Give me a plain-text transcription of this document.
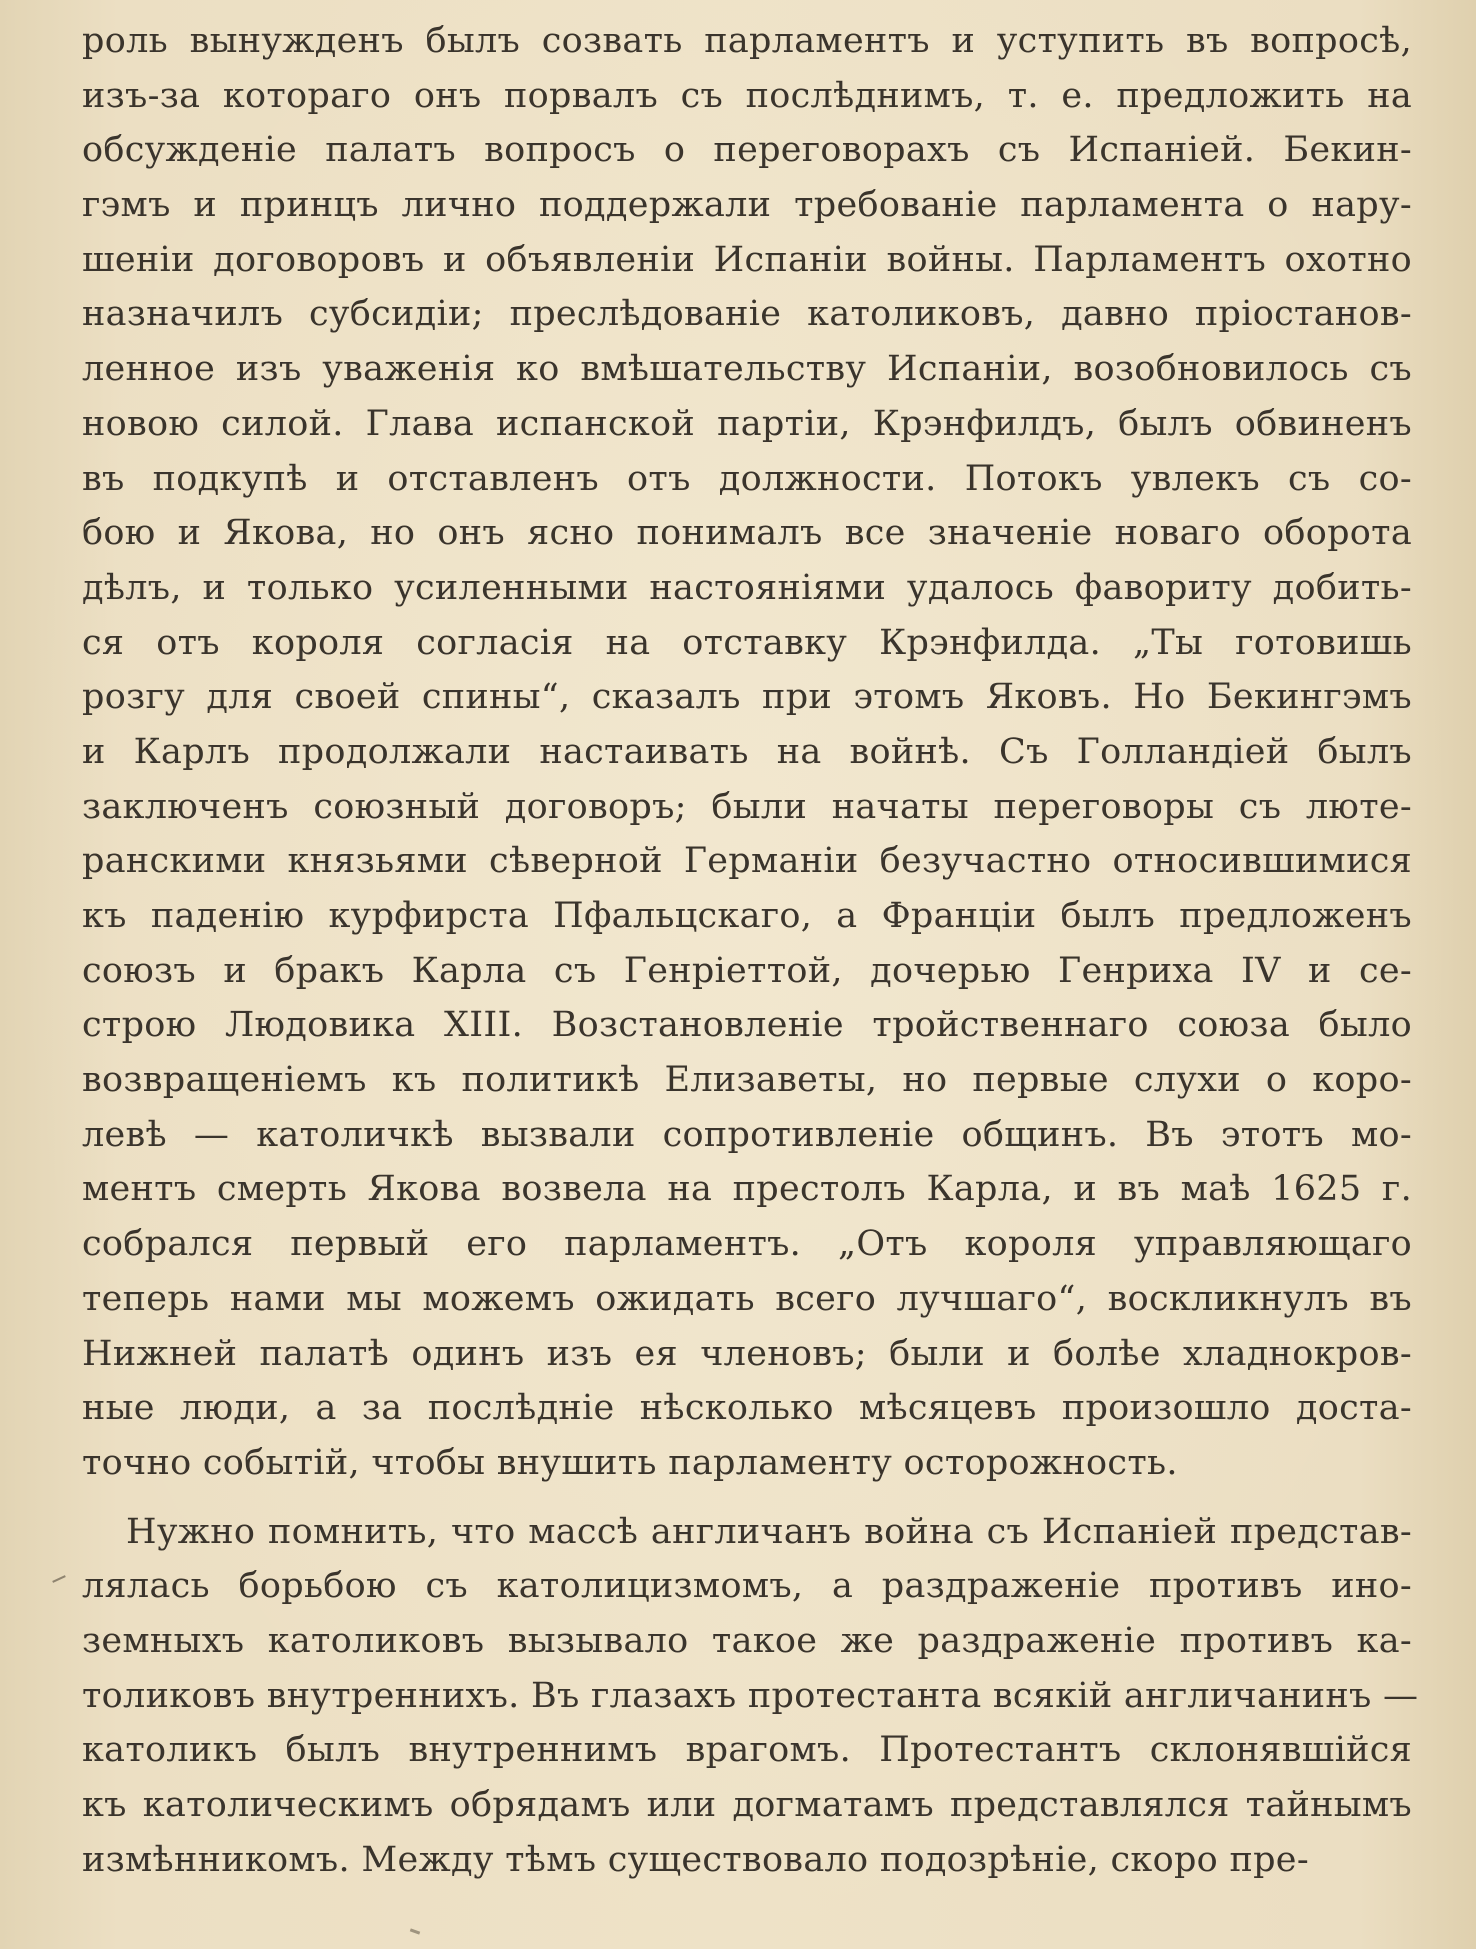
роль вынужденъ былъ созвать парламентъ и уступить въ вопросѣ,
изъ-за котораго онъ порвалъ съ послѣднимъ, т. е. предложить на
обсужденіе палатъ вопросъ о переговорахъ съ Испаніей. Бекин-
гэмъ и принцъ лично поддержали требованіе парламента о нару-
шеніи договоровъ и объявленіи Испаніи войны. Парламентъ охотно
назначилъ субсидіи; преслѣдованіе католиковъ, давно пріостанов-
ленное изъ уваженія ко вмѣшательству Испаніи, возобновилось съ
новою силой. Глава испанской партіи, Крэнфилдъ, былъ обвиненъ
въ подкупѣ и отставленъ отъ должности. Потокъ увлекъ съ со-
бою и Якова, но онъ ясно понималъ все значеніе новаго оборота
дѣлъ, и только усиленными настояніями удалось фавориту добить-
ся отъ короля согласія на отставку Крэнфилда. „Ты готовишь
розгу для своей спины“, сказалъ при этомъ Яковъ. Но Бекингэмъ
и Карлъ продолжали настаивать на войнѣ. Съ Голландіей былъ
заключенъ союзный договоръ; были начаты переговоры съ люте-
ранскими князьями сѣверной Германіи безучастно относившимися
къ паденію курфирста Пфальцскаго, а Франціи былъ предложенъ
союзъ и бракъ Карла съ Генріеттой, дочерью Генриха IV и се-
строю Людовика XIII. Возстановленіе тройственнаго союза было
возвращеніемъ къ политикѣ Елизаветы, но первые слухи о коро-
левѣ — католичкѣ вызвали сопротивленіе общинъ. Въ этотъ мо-
ментъ смерть Якова возвела на престолъ Карла, и въ маѣ 1625 г.
собрался первый его парламентъ. „Отъ короля управляющаго
теперь нами мы можемъ ожидать всего лучшаго“, воскликнулъ въ
Нижней палатѣ одинъ изъ ея членовъ; были и болѣе хладнокров-
ные люди, а за послѣдніе нѣсколько мѣсяцевъ произошло доста-
точно событій, чтобы внушить парламенту осторожность.
Нужно помнить, что массѣ англичанъ война съ Испаніей представ-
лялась борьбою съ католицизмомъ, а раздраженіе противъ ино-
земныхъ католиковъ вызывало такое же раздраженіе противъ ка-
толиковъ внутреннихъ. Въ глазахъ протестанта всякій англичанинъ —
католикъ былъ внутреннимъ врагомъ. Протестантъ склонявшійся
къ католическимъ обрядамъ или догматамъ представлялся тайнымъ
измѣнникомъ. Между тѣмъ существовало подозрѣніе, скоро пре-
